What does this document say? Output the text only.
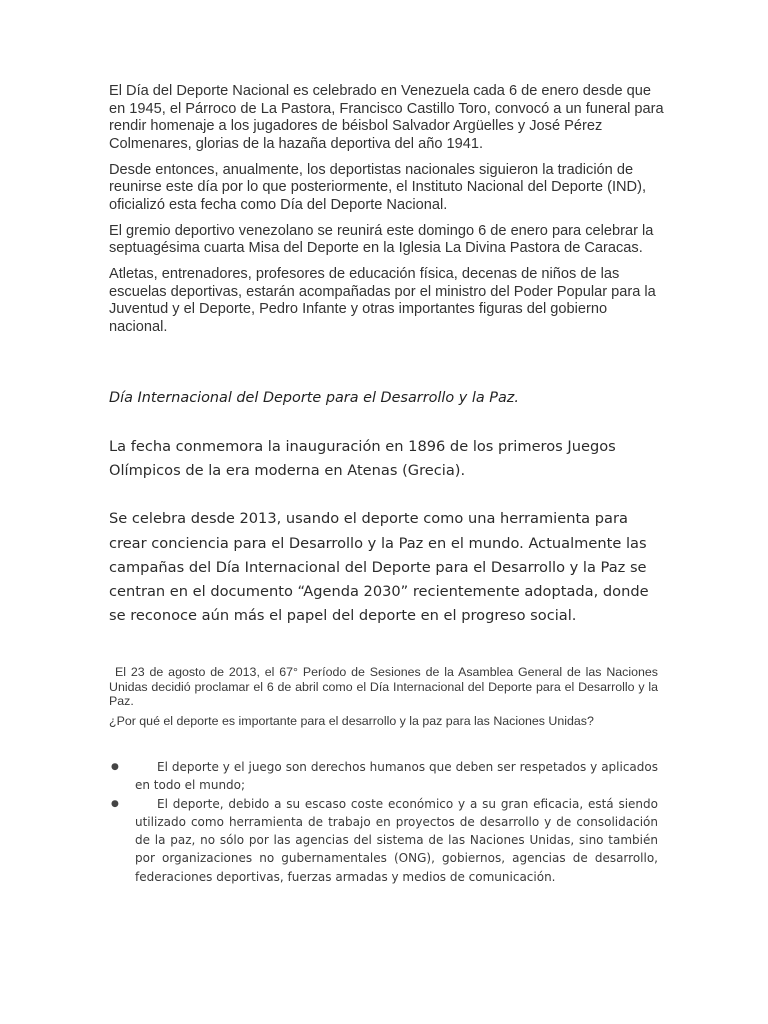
El Día del Deporte Nacional es celebrado en Venezuela cada 6 de enero desde que en 1945, el Párroco de La Pastora, Francisco Castillo Toro, convocó a un funeral para rendir homenaje a los jugadores de béisbol Salvador Argüelles y José Pérez Colmenares, glorias de la hazaña deportiva del año 1941.

Desde entonces, anualmente, los deportistas nacionales siguieron la tradición de reunirse este día por lo que posteriormente, el Instituto Nacional del Deporte (IND), oficializó esta fecha como Día del Deporte Nacional.

El gremio deportivo venezolano se reunirá este domingo 6 de enero para celebrar la septuagésima cuarta Misa del Deporte en la Iglesia La Divina Pastora de Caracas.

Atletas, entrenadores, profesores de educación física, decenas de niños de las escuelas deportivas, estarán acompañadas por el ministro del Poder Popular para la Juventud y el Deporte, Pedro Infante y otras importantes figuras del gobierno nacional.

Día Internacional del Deporte para el Desarrollo y la Paz.

La fecha conmemora la inauguración en 1896 de los primeros Juegos Olímpicos de la era moderna en Atenas (Grecia).

Se celebra desde 2013, usando el deporte como una herramienta para crear conciencia para el Desarrollo y la Paz en el mundo. Actualmente las campañas del Día Internacional del Deporte para el Desarrollo y la Paz se centran en el documento “Agenda 2030” recientemente adoptada, donde se reconoce aún más el papel del deporte en el progreso social.

El 23 de agosto de 2013, el 67° Período de Sesiones de la Asamblea General de las Naciones Unidas decidió proclamar el 6 de abril como el Día Internacional del Deporte para el Desarrollo y la Paz.

¿Por qué el deporte es importante para el desarrollo y la paz para las Naciones Unidas?

●	El deporte y el juego son derechos humanos que deben ser respetados y aplicados en todo el mundo;
●	El deporte, debido a su escaso coste económico y a su gran eficacia, está siendo utilizado como herramienta de trabajo en proyectos de desarrollo y de consolidación de la paz, no sólo por las agencias del sistema de las Naciones Unidas, sino también por organizaciones no gubernamentales (ONG), gobiernos, agencias de desarrollo, federaciones deportivas, fuerzas armadas y medios de comunicación.
